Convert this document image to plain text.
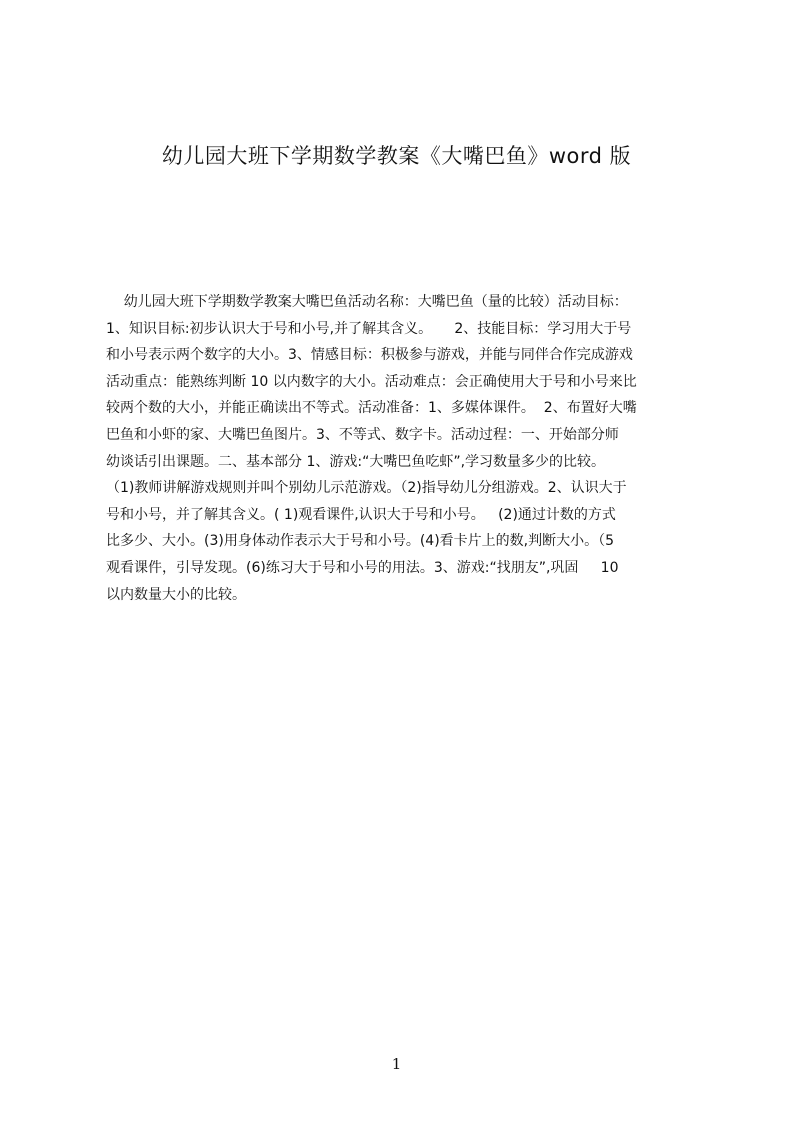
幼儿园大班下学期数学教案《大嘴巴鱼》word 版
幼儿园大班下学期数学教案大嘴巴鱼活动名称：大嘴巴鱼（量的比较）活动目标：
1、知识目标:初步认识大于号和小号,并了解其含义。     2、技能目标：学习用大于号
和小号表示两个数字的大小。3、情感目标：积极参与游戏，并能与同伴合作完成游戏
活动重点：能熟练判断 10 以内数字的大小。活动难点：会正确使用大于号和小号来比
较两个数的大小，并能正确读出不等式。活动准备：1、多媒体课件。  2、布置好大嘴
巴鱼和小虾的家、大嘴巴鱼图片。3、不等式、数字卡。活动过程：一、开始部分师
幼谈话引出课题。二、基本部分 1、游戏:“大嘴巴鱼吃虾”,学习数量多少的比较。
（1)教师讲解游戏规则并叫个别幼儿示范游戏。（2)指导幼儿分组游戏。2、认识大于
号和小号，并了解其含义。( 1)观看课件,认识大于号和小号。   (2)通过计数的方式
比多少、大小。(3)用身体动作表示大于号和小号。(4)看卡片上的数,判断大小。（5
观看课件，引导发现。(6)练习大于号和小号的用法。3、游戏:“找朋友”,巩固     10
以内数量大小的比较。
1
